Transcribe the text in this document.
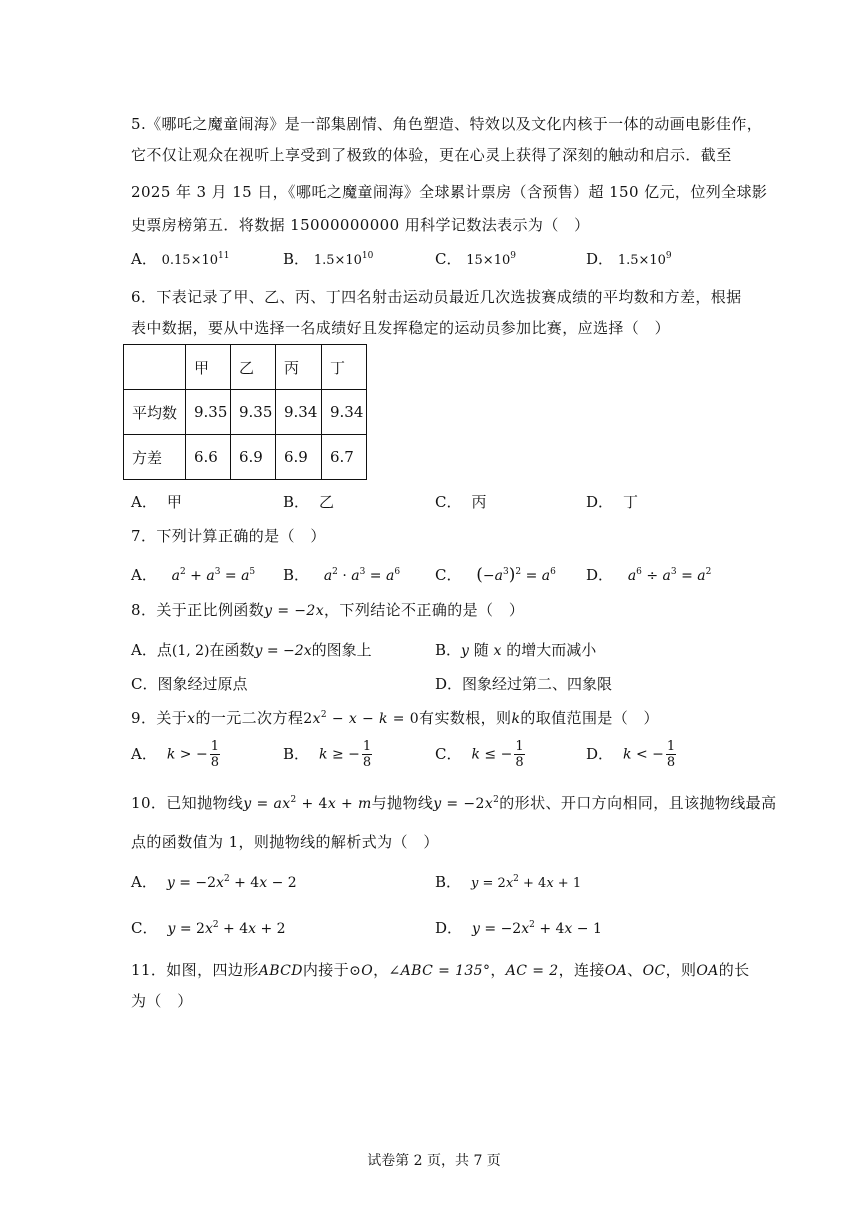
5.《哪吒之魔童闹海》是一部集剧情、角色塑造、特效以及文化内核于一体的动画电影佳作，
它不仅让观众在视听上享受到了极致的体验，更在心灵上获得了深刻的触动和启示．截至
2025 年 3 月 15 日，《哪吒之魔童闹海》全球累计票房（含预售）超 150 亿元，位列全球影
史票房榜第五．将数据 15000000000 用科学记数法表示为（　）
A． $0.15\times 10^{11}$	B． $1.5\times 10^{10}$	C． $15\times 10^9$	D． $1.5\times 10^9$
6．下表记录了甲、乙、丙、丁四名射击运动员最近几次选拔赛成绩的平均数和方差，根据
表中数据，要从中选择一名成绩好且发挥稳定的运动员参加比赛，应选择（　）
	甲	乙	丙	丁
平均数	9.35	9.35	9.34	9.34
方差	6.6	6.9	6.9	6.7
A． 甲	B． 乙	C． 丙	D． 丁
7．下列计算正确的是（　）
A． $a^2 + a^3 = a^5$ B． $a^2 \cdot a^3 = a^6$ C． $(-a^3)^2 = a^6$ D． $a^6 \div a^3 = a^2$
8．关于正比例函数y = −2x，下列结论不正确的是（　）
A．点(1, 2)在函数y = −2x的图象上	B．y 随 x 的增大而减小
C．图象经过原点	D．图象经过第二、四象限
9．关于x的一元二次方程$2x^2 - x - k = 0$有实数根，则k的取值范围是（　）
A． k > − $\frac{1}{8}$	B． k ≥ − $\frac{1}{8}$	C． k ≤ − $\frac{1}{8}$	D． k < − $\frac{1}{8}$
10．已知抛物线$y = ax^2 + 4x + m$与抛物线$y = -2x^2$的形状、开口方向相同，且该抛物线最高
点的函数值为 1，则抛物线的解析式为（　）
A． $y = -2x^2 + 4x - 2$	B． $y = 2x^2 + 4x + 1$
C． $y = 2x^2 + 4x + 2$	D． $y = -2x^2 + 4x - 1$
11．如图，四边形ABCD内接于⊙O，∠ABC = 135°，AC = 2，连接OA、OC，则OA的长
为（　）
试卷第 2 页，共 7 页
